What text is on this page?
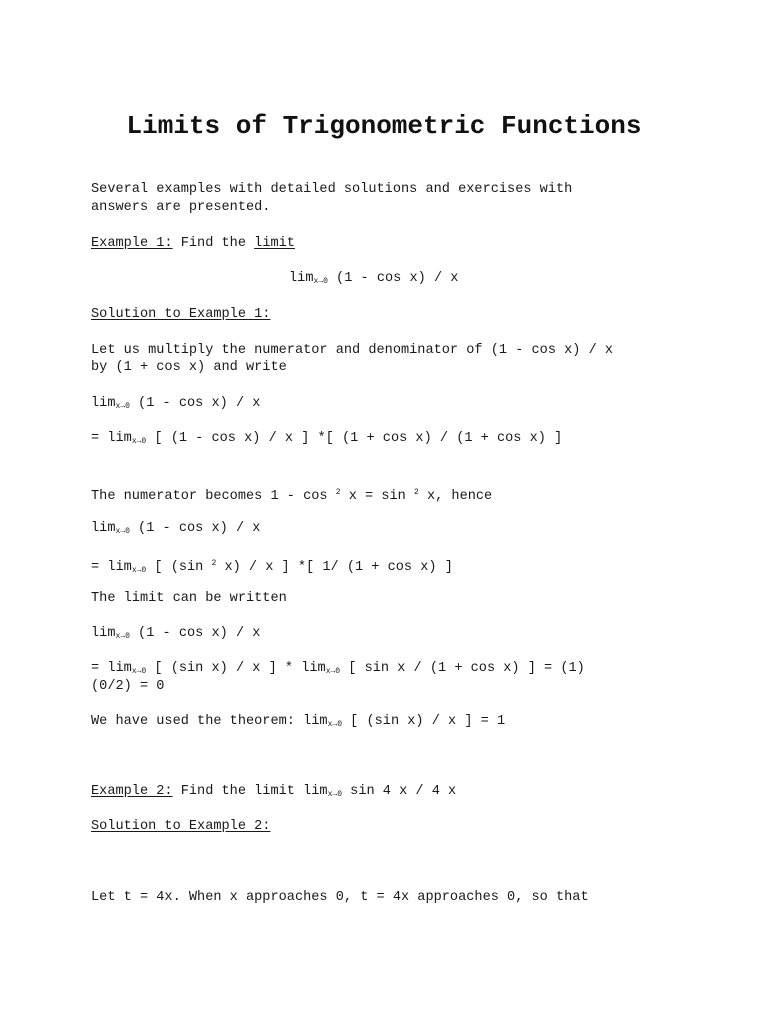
Limits of Trigonometric Functions
Several examples with detailed solutions and exercises with
answers are presented.
Example 1: Find the limit
$\lim_{x\to 0} (1$ - cos x) / x
Solution to Example 1:
Let us multiply the numerator and denominator of (1 - cos x) / x
by (1 + cos x) and write
$\lim_{x\to 0} (1$ - cos x) / x
= $\lim_{x\to 0}$ [ (1 - cos x) / x ] *[ (1 + cos x) / (1 + cos x) ]
The numerator becomes 1 - cos $^2$ x = sin $^2$ x, hence
$\lim_{x\to 0} (1$ - cos x) / x
= $\lim_{x\to 0}$ [ (sin $^2$ x) / x ] *[ 1/ (1 + cos x) ]
The limit can be written
$\lim_{x\to 0} (1$ - cos x) / x
= $\lim_{x\to 0}$ [ (sin x) / x ] * $\lim_{x\to 0}$ [ sin x / (1 + cos x) ] = (1)
(0/2) = 0
We have used the theorem: $\lim_{x\to 0}$ [ (sin x) / x ] = 1
Example 2: Find the limit $\lim_{x\to 0} \sin 4$ x / 4 x
Solution to Example 2:
Let t = 4x. When x approaches 0, t = 4x approaches 0, so that
